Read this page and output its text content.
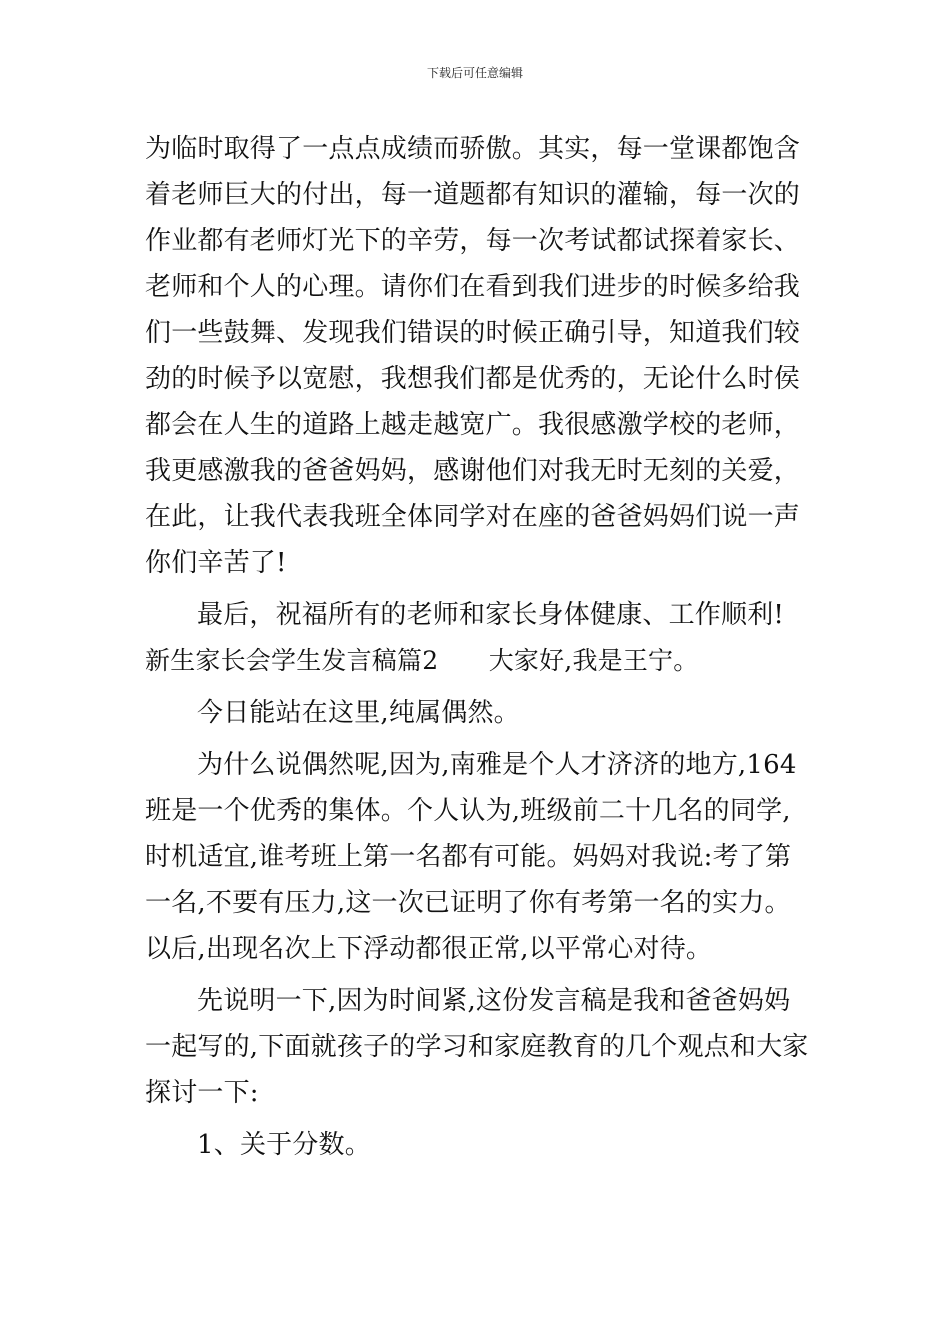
下载后可任意编辑
为临时取得了一点点成绩而骄傲。其实，每一堂课都饱含
着老师巨大的付出，每一道题都有知识的灌输，每一次的
作业都有老师灯光下的辛劳，每一次考试都试探着家长、
老师和个人的心理。请你们在看到我们进步的时候多给我
们一些鼓舞、发现我们错误的时候正确引导，知道我们较
劲的时候予以宽慰，我想我们都是优秀的，无论什么时侯
都会在人生的道路上越走越宽广。我很感激学校的老师，
我更感激我的爸爸妈妈，感谢他们对我无时无刻的关爱，
在此，让我代表我班全体同学对在座的爸爸妈妈们说一声
你们辛苦了!
最后，祝福所有的老师和家长身体健康、工作顺利!
新生家长会学生发言稿篇2　　大家好,我是王宁。
今日能站在这里,纯属偶然。
为什么说偶然呢,因为,南雅是个人才济济的地方,164
班是一个优秀的集体。个人认为,班级前二十几名的同学,
时机适宜,谁考班上第一名都有可能。妈妈对我说:考了第
一名,不要有压力,这一次已证明了你有考第一名的实力。
以后,出现名次上下浮动都很正常,以平常心对待。
先说明一下,因为时间紧,这份发言稿是我和爸爸妈妈
一起写的,下面就孩子的学习和家庭教育的几个观点和大家
探讨一下:
1、关于分数。
